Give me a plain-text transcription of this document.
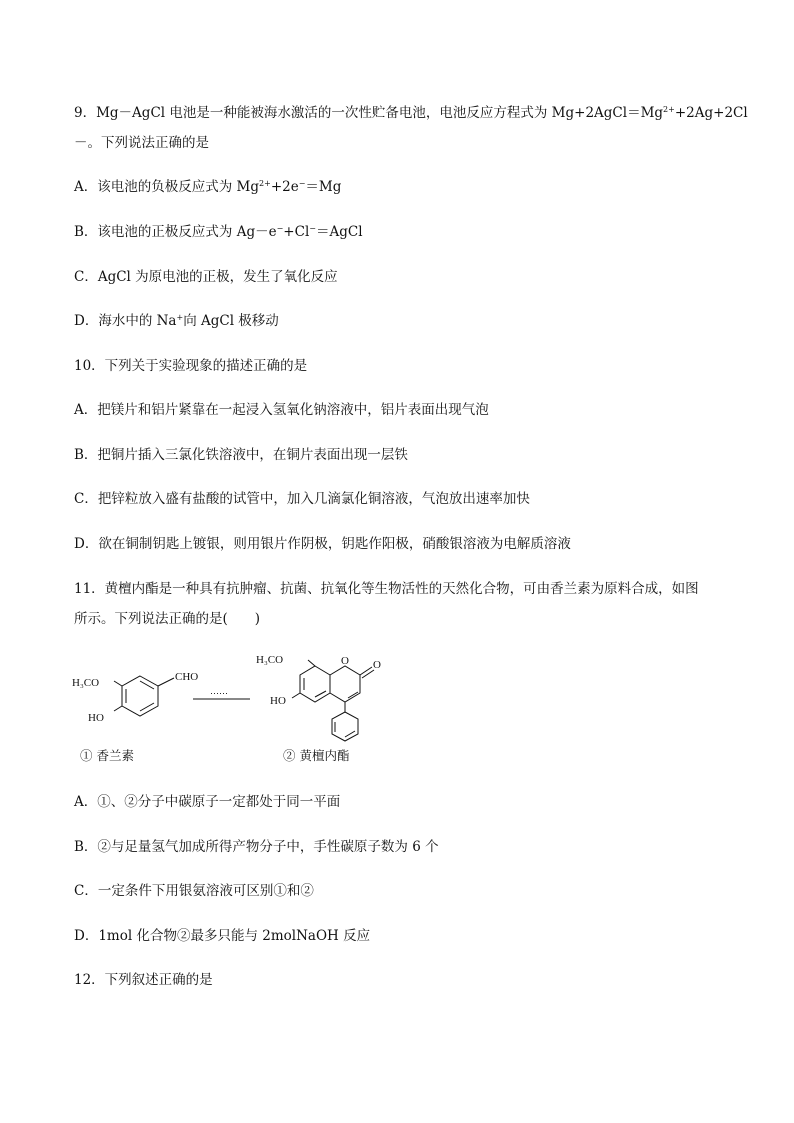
9．Mg－AgCl 电池是一种能被海水激活的一次性贮备电池，电池反应方程式为 $Mg+2AgCl=Mg^{2+}+2Ag+2Cl$
－。下列说法正确的是
A．该电池的负极反应式为 $Mg^{2+}+2e^-=Mg$
B．该电池的正极反应式为 Ag－e−+Cl−＝AgCl
C．AgCl 为原电池的正极，发生了氧化反应
D．海水中的 Na+向 AgCl 极移动
10．下列关于实验现象的描述正确的是
A．把镁片和铝片紧靠在一起浸入氢氧化钠溶液中，铝片表面出现气泡
B．把铜片插入三氯化铁溶液中，在铜片表面出现一层铁
C．把锌粒放入盛有盐酸的试管中，加入几滴氯化铜溶液，气泡放出速率加快
D．欲在铜制钥匙上镀银，则用银片作阴极，钥匙作阳极，硝酸银溶液为电解质溶液
11．黄檀内酯是一种具有抗肿瘤、抗菌、抗氧化等生物活性的天然化合物，可由香兰素为原料合成，如图
所示。下列说法正确的是(　　)
H₃CO	CHO
HO
⋯⋯
H₃CO
HO
O O
① 香兰素	② 黄檀内酯
A．①、②分子中碳原子一定都处于同一平面
B．②与足量氢气加成所得产物分子中，手性碳原子数为 6 个
C．一定条件下用银氨溶液可区别①和②
D．1mol 化合物②最多只能与 2molNaOH 反应
12．下列叙述正确的是
